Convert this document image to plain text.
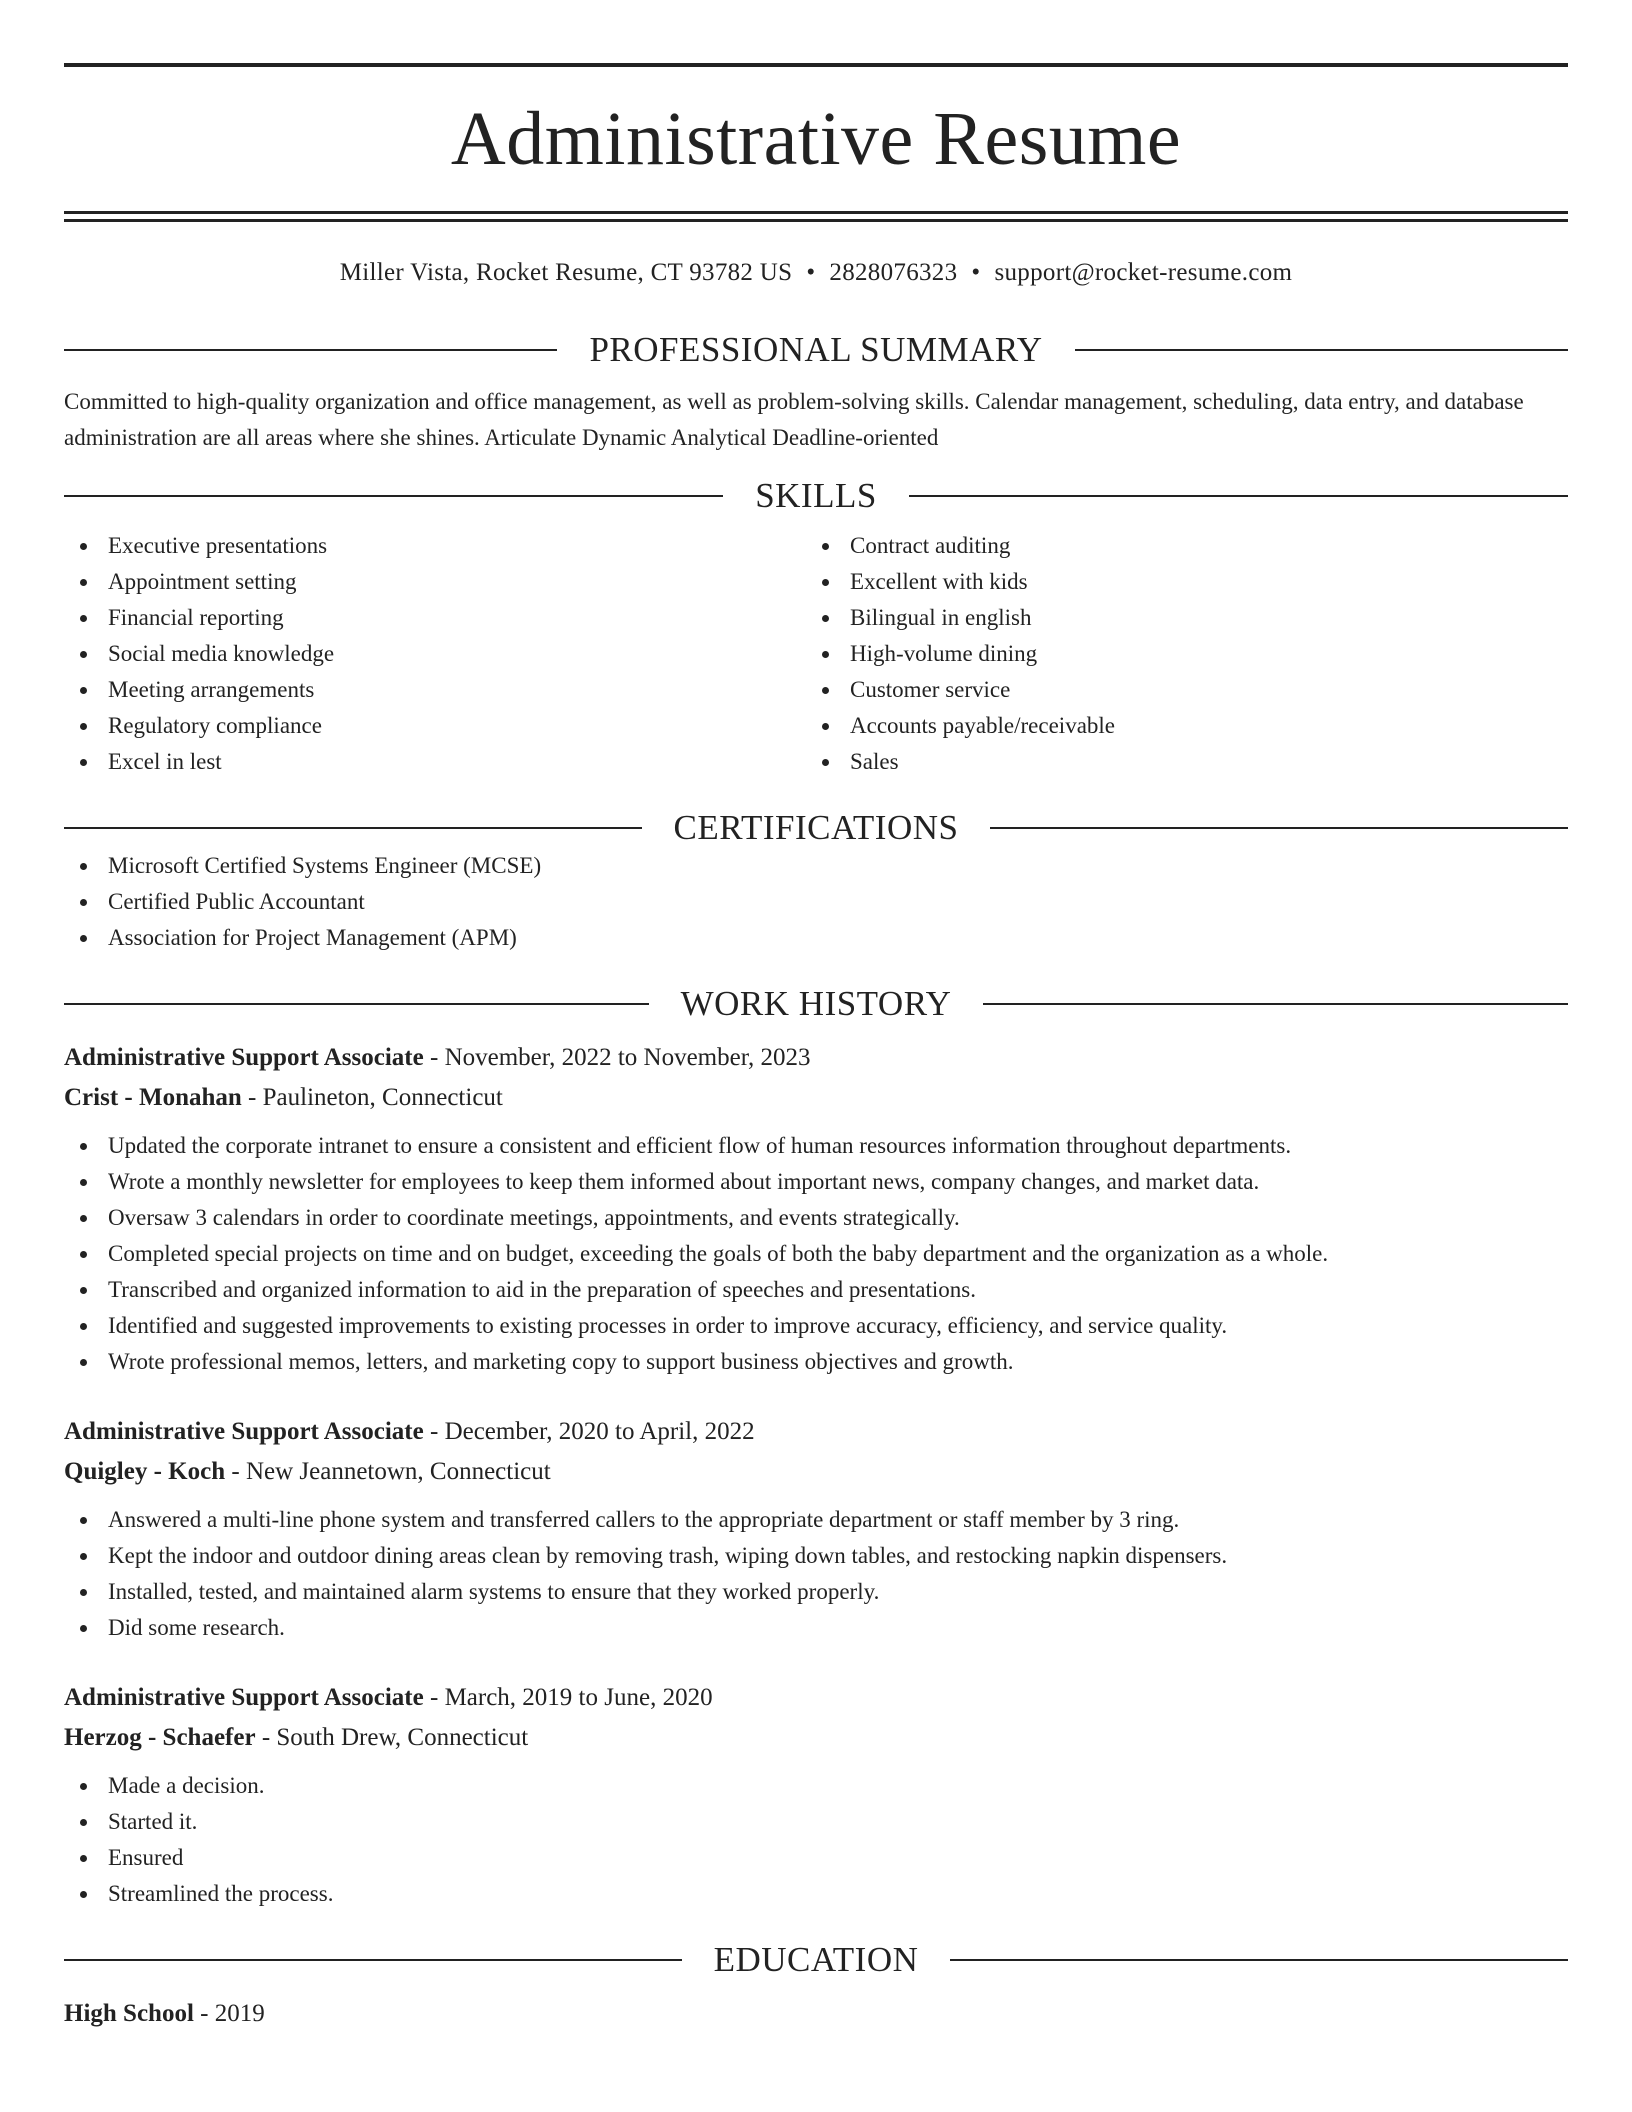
Administrative Resume
Miller Vista, Rocket Resume, CT 93782 US • 2828076323 • support@rocket-resume.com
PROFESSIONAL SUMMARY
Committed to high-quality organization and office management, as well as problem-solving skills. Calendar management, scheduling, data entry, and database administration are all areas where she shines. Articulate Dynamic Analytical Deadline-oriented
SKILLS
Executive presentations
Appointment setting
Financial reporting
Social media knowledge
Meeting arrangements
Regulatory compliance
Excel in lest
Contract auditing
Excellent with kids
Bilingual in english
High-volume dining
Customer service
Accounts payable/receivable
Sales
CERTIFICATIONS
Microsoft Certified Systems Engineer (MCSE)
Certified Public Accountant
Association for Project Management (APM)
WORK HISTORY
Administrative Support Associate - November, 2022 to November, 2023
Crist - Monahan - Paulineton, Connecticut
Updated the corporate intranet to ensure a consistent and efficient flow of human resources information throughout departments.
Wrote a monthly newsletter for employees to keep them informed about important news, company changes, and market data.
Oversaw 3 calendars in order to coordinate meetings, appointments, and events strategically.
Completed special projects on time and on budget, exceeding the goals of both the baby department and the organization as a whole.
Transcribed and organized information to aid in the preparation of speeches and presentations.
Identified and suggested improvements to existing processes in order to improve accuracy, efficiency, and service quality.
Wrote professional memos, letters, and marketing copy to support business objectives and growth.
Administrative Support Associate - December, 2020 to April, 2022
Quigley - Koch - New Jeannetown, Connecticut
Answered a multi-line phone system and transferred callers to the appropriate department or staff member by 3 ring.
Kept the indoor and outdoor dining areas clean by removing trash, wiping down tables, and restocking napkin dispensers.
Installed, tested, and maintained alarm systems to ensure that they worked properly.
Did some research.
Administrative Support Associate - March, 2019 to June, 2020
Herzog - Schaefer - South Drew, Connecticut
Made a decision.
Started it.
Ensured
Streamlined the process.
EDUCATION
High School - 2019
